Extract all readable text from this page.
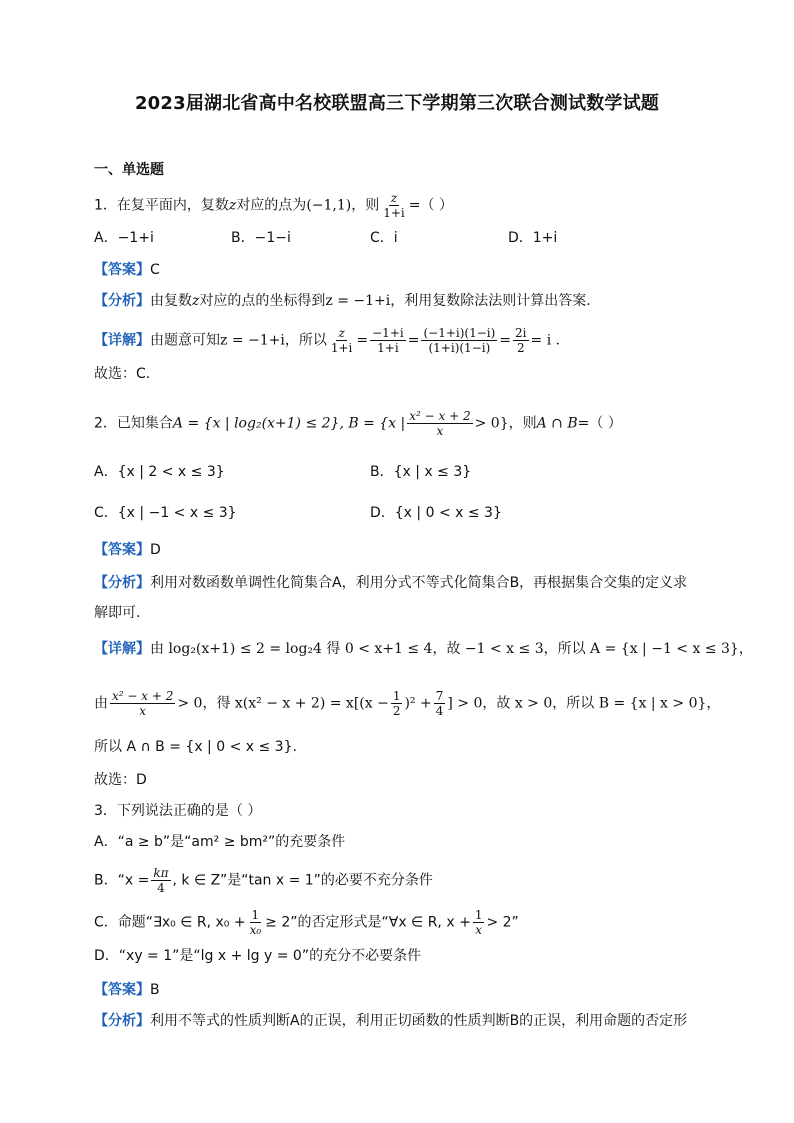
2023届湖北省高中名校联盟高三下学期第三次联合测试数学试题
一、单选题
1．在复平面内，复数z对应的点为(−1,1)，则 $\frac{z}{1+i}$ =（ ）
A．−1+i	B．−1−i	C．i	D．1+i
【答案】C
【分析】由复数z对应的点的坐标得到z = −1+i，利用复数除法法则计算出答案.
【详解】由题意可知z = −1+i，所以 $\frac{z}{1+i} = \frac{-1+i}{1+i} = \frac{(-1+i)(1-i)}{(1+i)(1-i)} = \frac{2i}{2} = i$ .
故选：C.
2．已知集合A = {x | log₂(x+1) ≤ 2}, B = {x | $\frac{\text{x² − x + 2}}{x} > 0$}，则A ∩ B=（ ）
A．{x | 2 < x ≤ 3}	B．{x | x ≤ 3}
C．{x | −1 < x ≤ 3}	D．{x | 0 < x ≤ 3}
【答案】D
【分析】利用对数函数单调性化简集合A，利用分式不等式化简集合B，再根据集合交集的定义求
解即可.
【详解】由 log₂(x+1) ≤ 2 = log₂4 得 0 < x+1 ≤ 4，故 −1 < x ≤ 3，所以 A = {x | −1 < x ≤ 3}，
由 $\frac{\text{x² − x + 2}}{x} > 0$，得 $x(x^2 - x + 2) = x[(x - \frac{1}{2} )^2 + \frac{7}{4}$ ] > 0，故 x > 0，所以 B = {x | x > 0}，
所以 A ∩ B = {x | 0 < x ≤ 3}.
故选：D
3．下列说法正确的是（ ）
A．“a ≥ b”是“am² ≥ bm²”的充要条件
B．“$x = \frac{k\pi}{4}$ , k ∈ Z”是“tan x = 1”的必要不充分条件
C．命题“∃x₀ ∈ R, $x_0 + \frac{1}{\text{x₀}} \ge 2$”的否定形式是“∀x ∈ R, $x + \frac{1}{x} > 2$”
D．“xy = 1”是“lg x + lg y = 0”的充分不必要条件
【答案】B
【分析】利用不等式的性质判断A的正误，利用正切函数的性质判断B的正误，利用命题的否定形
